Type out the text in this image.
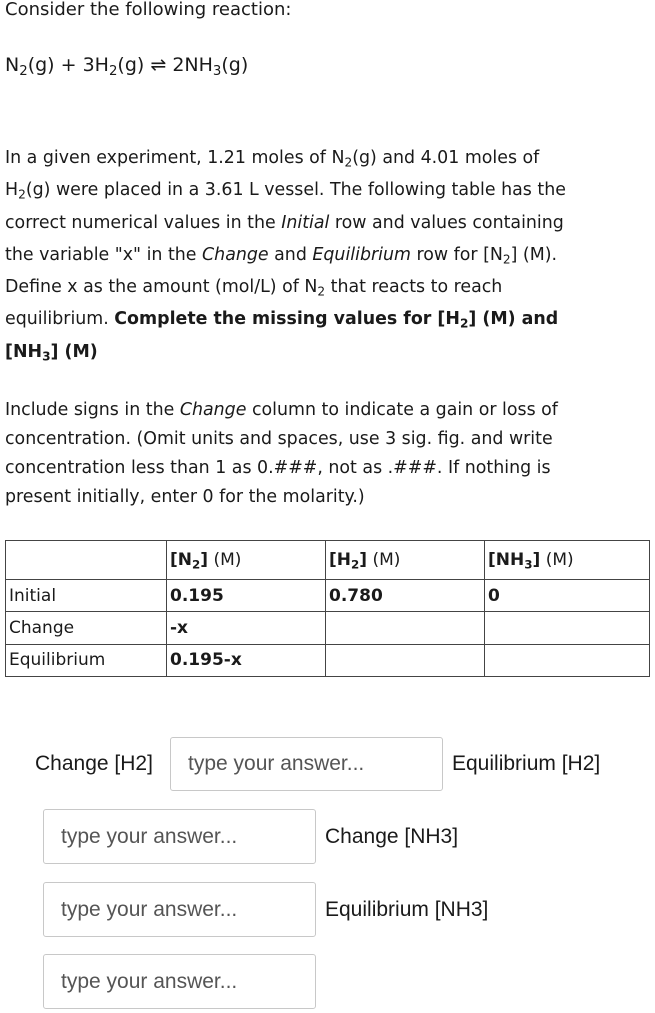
Consider the following reaction:

$N_2(g) + 3H_2(g)$ ⇌ $2NH_3(g)$

In a given experiment, 1.21 moles of $N_2(g)$ and 4.01 moles of
$H_2(g)$ were placed in a 3.61 L vessel. The following table has the
correct numerical values in the Initial row and values containing
the variable "x" in the Change and Equilibrium row for $[N_2]$ (M).
Define x as the amount (mol/L) of $N_2$ that reacts to reach
equilibrium. Complete the missing values for $[H_2]$ (M) and
$[NH_3]$ (M)
Include signs in the Change column to indicate a gain or loss of
concentration. (Omit units and spaces, use 3 sig. fig. and write
concentration less than 1 as 0.###, not as .###. If nothing is
present initially, enter 0 for the molarity.)
	$[N_2]$ (M)	$[H_2]$ (M)	$[NH_3]$ (M)
Initial	0.195	0.780	0
Change	-x		
Equilibrium	0.195-x		
Change [H2]
type your answer...	Equilibrium [H2]
type your answer...
Change [NH3]
type your answer...
Equilibrium [NH3]
type your answer...
